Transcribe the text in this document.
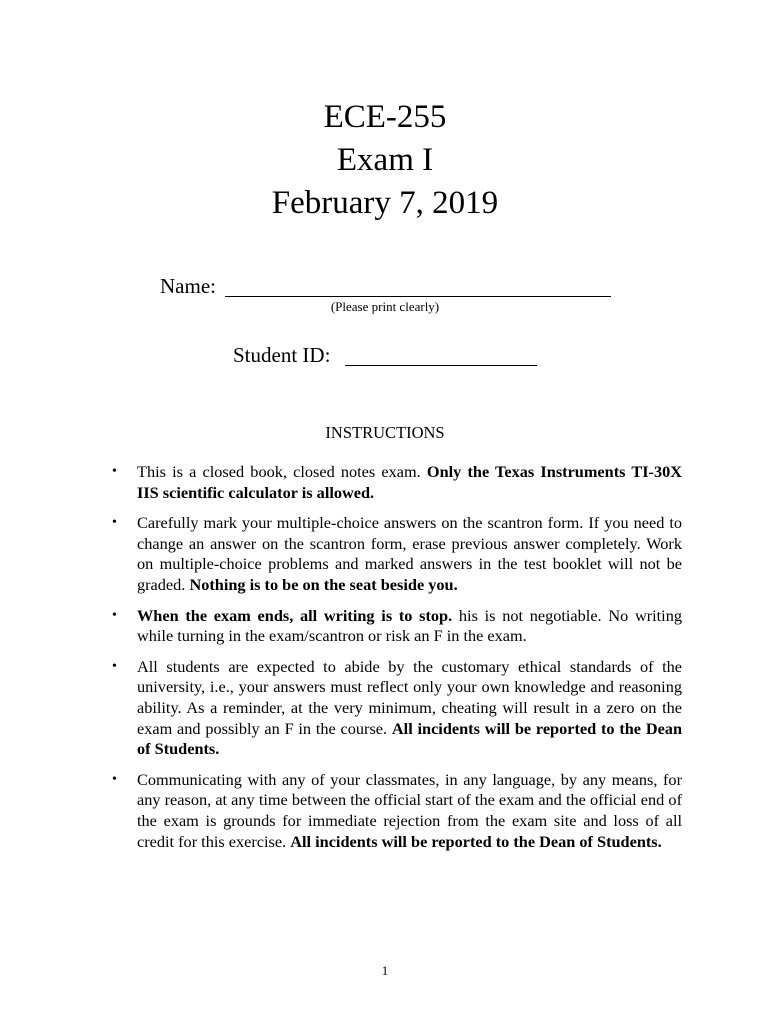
ECE-255
Exam I
February 7, 2019
Name:
(Please print clearly)
Student ID:
INSTRUCTIONS
• This is a closed book, closed notes exam. Only the Texas Instruments TI-30X IIS scientific calculator is allowed.
• Carefully mark your multiple-choice answers on the scantron form. If you need to change an answer on the scantron form, erase previous answer completely. Work on multiple-choice problems and marked answers in the test booklet will not be graded. Nothing is to be on the seat beside you.
• When the exam ends, all writing is to stop. his is not negotiable. No writing while turning in the exam/scantron or risk an F in the exam.
• All students are expected to abide by the customary ethical standards of the university, i.e., your answers must reflect only your own knowledge and reasoning ability. As a reminder, at the very minimum, cheating will result in a zero on the exam and possibly an F in the course. All incidents will be reported to the Dean of Students.
• Communicating with any of your classmates, in any language, by any means, for any reason, at any time between the official start of the exam and the official end of the exam is grounds for immediate rejection from the exam site and loss of all credit for this exercise. All incidents will be reported to the Dean of Students.
1
